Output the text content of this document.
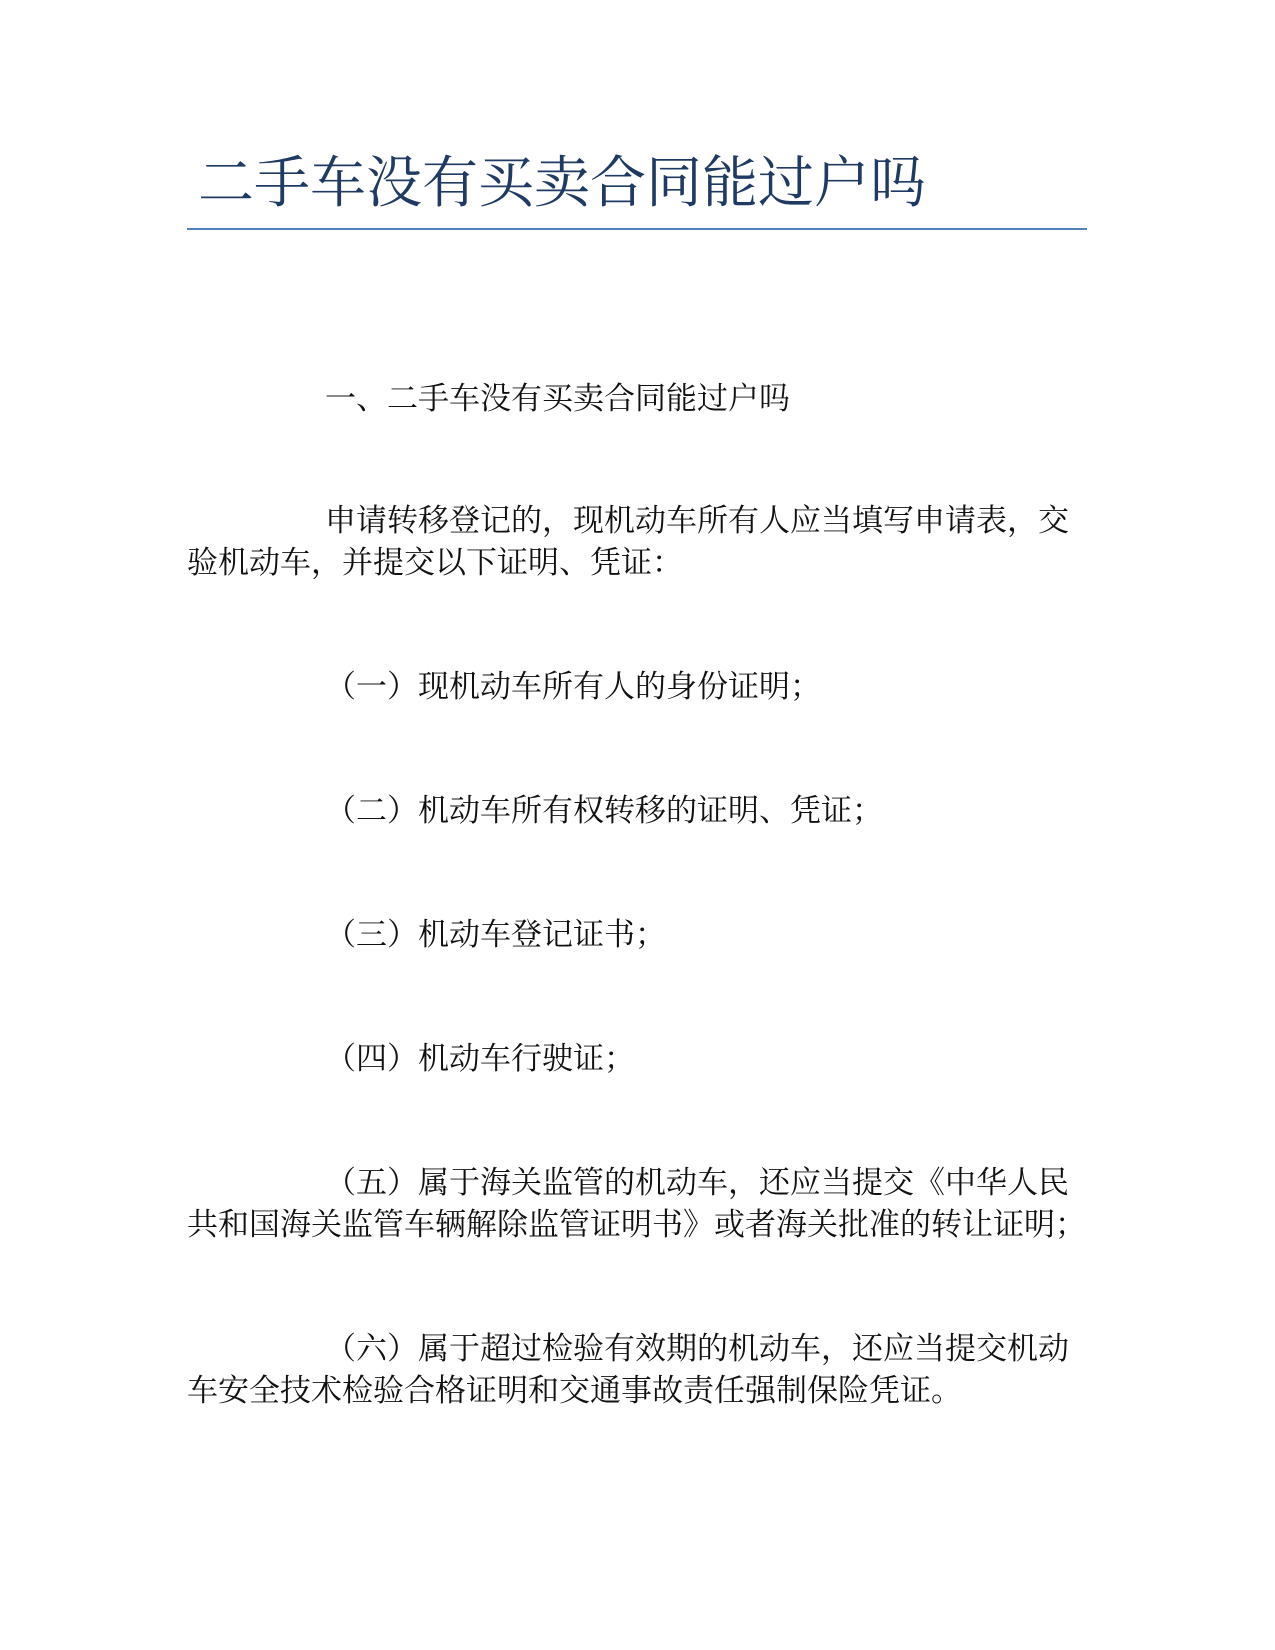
二手车没有买卖合同能过户吗

一、二手车没有买卖合同能过户吗

申请转移登记的，现机动车所有人应当填写申请表，交验机动车，并提交以下证明、凭证：

（一）现机动车所有人的身份证明；

（二）机动车所有权转移的证明、凭证；

（三）机动车登记证书；

（四）机动车行驶证；

（五）属于海关监管的机动车，还应当提交《中华人民共和国海关监管车辆解除监管证明书》或者海关批准的转让证明；

（六）属于超过检验有效期的机动车，还应当提交机动车安全技术检验合格证明和交通事故责任强制保险凭证。
